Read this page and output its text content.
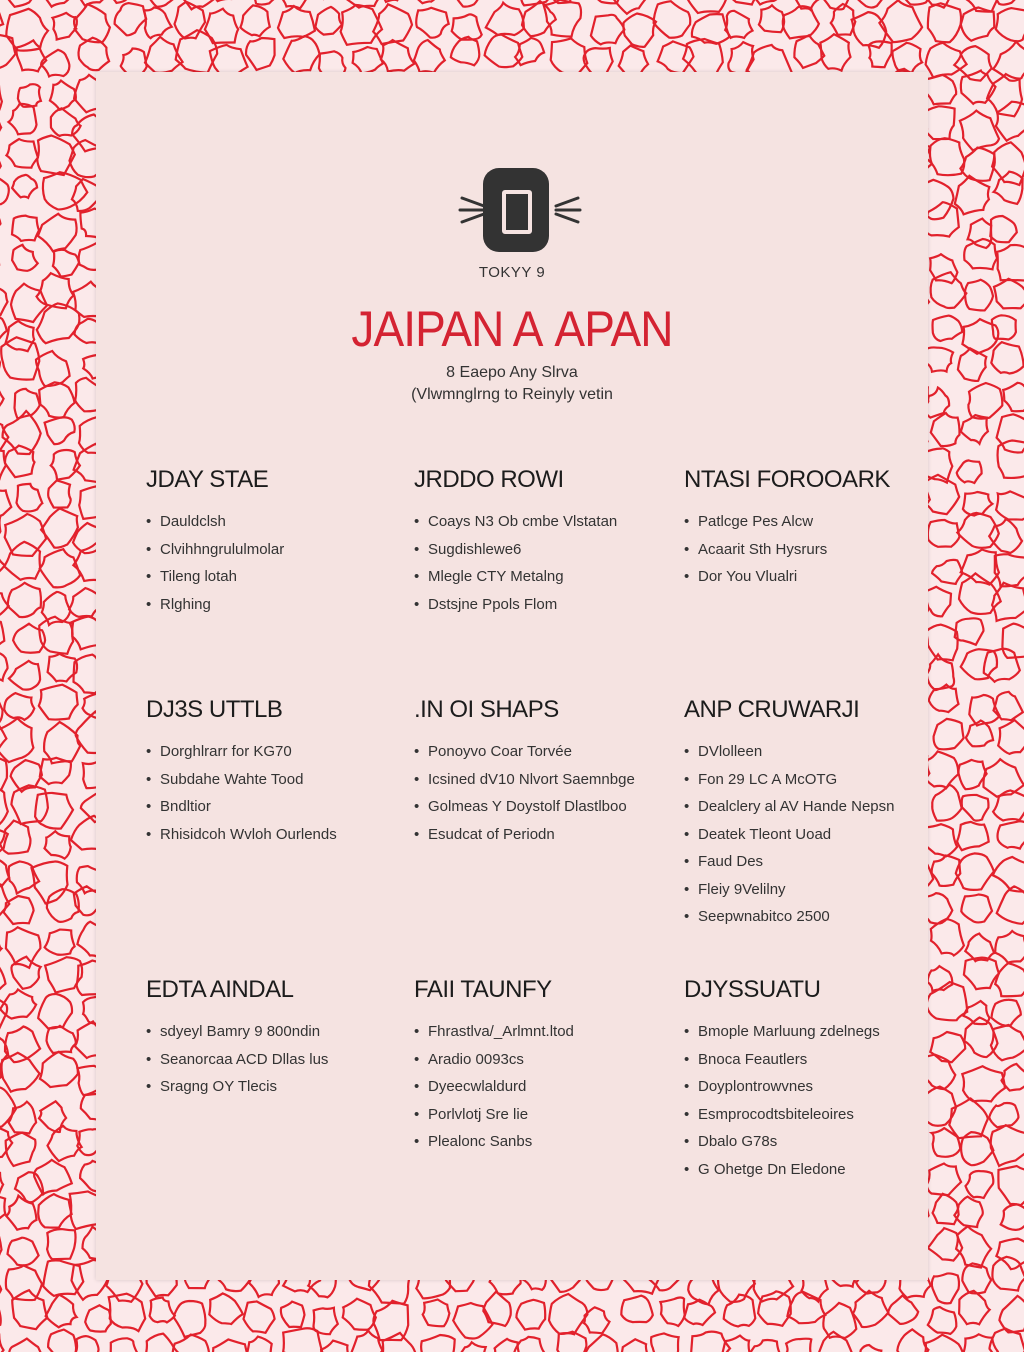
TOKYY 9
JAIPAN A APAN
8 Eaepo Any Slrva
(Vlwmnglrng to Reinyly vetin
JDAY STAE
• Dauldclsh
• Clvihhngrululmolar
• Tileng lotah
• Rlghing
JRDDO ROWI
• Coays N3 Ob cmbe Vlstatan
• Sugdishlewe6
• Mlegle CTY Metalng
• Dstsjne Ppols Flom
NTASI FOROOARK
• Patlcge Pes Alcw
• Acaarit Sth Hysrurs
• Dor You Vlualri
DJ3S UTTLB
• Dorghlrarr for KG70
• Subdahe Wahte Tood
• Bndltior
• Rhisidcoh Wvloh Ourlends
.IN OI SHAPS
• Ponoyvo Coar Torvée
• Icsined dV10 Nlvort Saemnbge
• Golmeas Y Doystolf Dlastlboo
• Esudcat of Periodn
ANP CRUWARJI
• DVlolleen
• Fon 29 LC A McOTG
• Dealclery al AV Hande Nepsn
• Deatek Tleont Uoad
• Faud Des
• Fleiy 9Velilny
• Seepwnabitco 2500
EDTA AINDAL
• sdyeyl Bamry 9 800ndin
• Seanorcaa ACD Dllas lus
• Sragng OY Tlecis
FAII TAUNFY
• Fhrastlva/_Arlmnt.ltod
• Aradio 0093cs
• Dyeecwlaldurd
• Porlvlotj Sre lie
• Plealonc Sanbs
DJYSSUATU
• Bmople Marluung zdelnegs
• Bnoca Feautlers
• Doyplontrowvnes
• Esmprocodtsbiteleoires
• Dbalo G78s
• G Ohetge Dn Eledone
